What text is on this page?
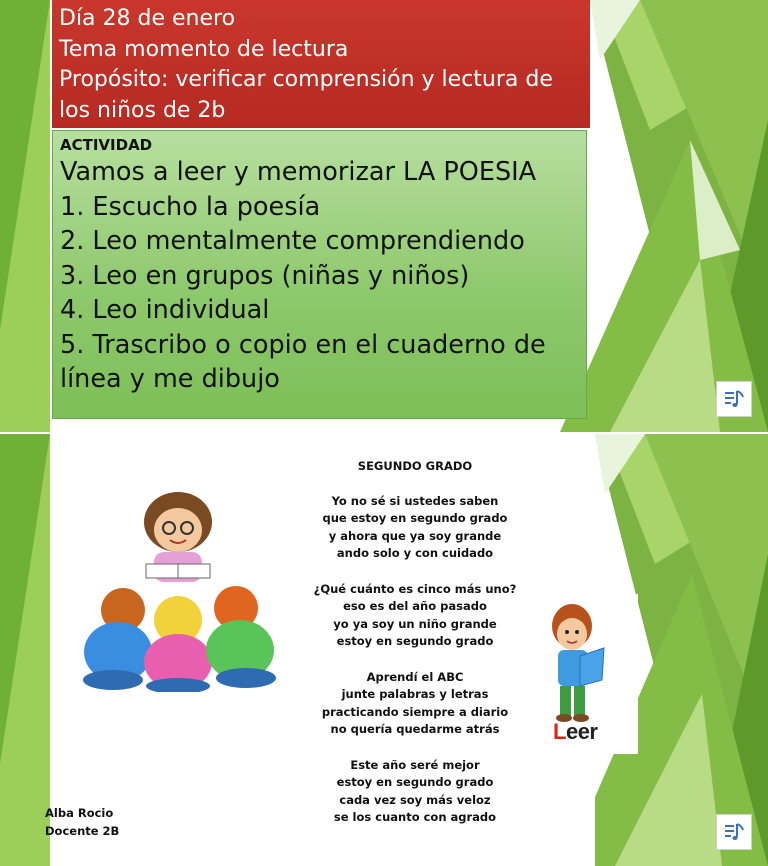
Día 28 de enero
Tema momento de lectura
Propósito: verificar comprensión y lectura de
los niños de 2b
ACTIVIDAD
Vamos a leer y memorizar LA POESIA
1. Escucho la poesía
2. Leo mentalmente comprendiendo
3. Leo en grupos (niñas y niños)
4. Leo individual
5. Trascribo o copio en el cuaderno de
línea y me dibujo
SEGUNDO GRADO
Yo no sé si ustedes saben
que estoy en segundo grado
y ahora que ya soy grande
ando solo y con cuidado
¿Qué cuánto es cinco más uno?
eso es del año pasado
yo ya soy un niño grande
estoy en segundo grado
Aprendí el ABC
junte palabras y letras
practicando siempre a diario
no quería quedarme atrás
Este año seré mejor
estoy en segundo grado
cada vez soy más veloz
se los cuanto con agrado
Leer
Alba Rocio
Docente 2B
